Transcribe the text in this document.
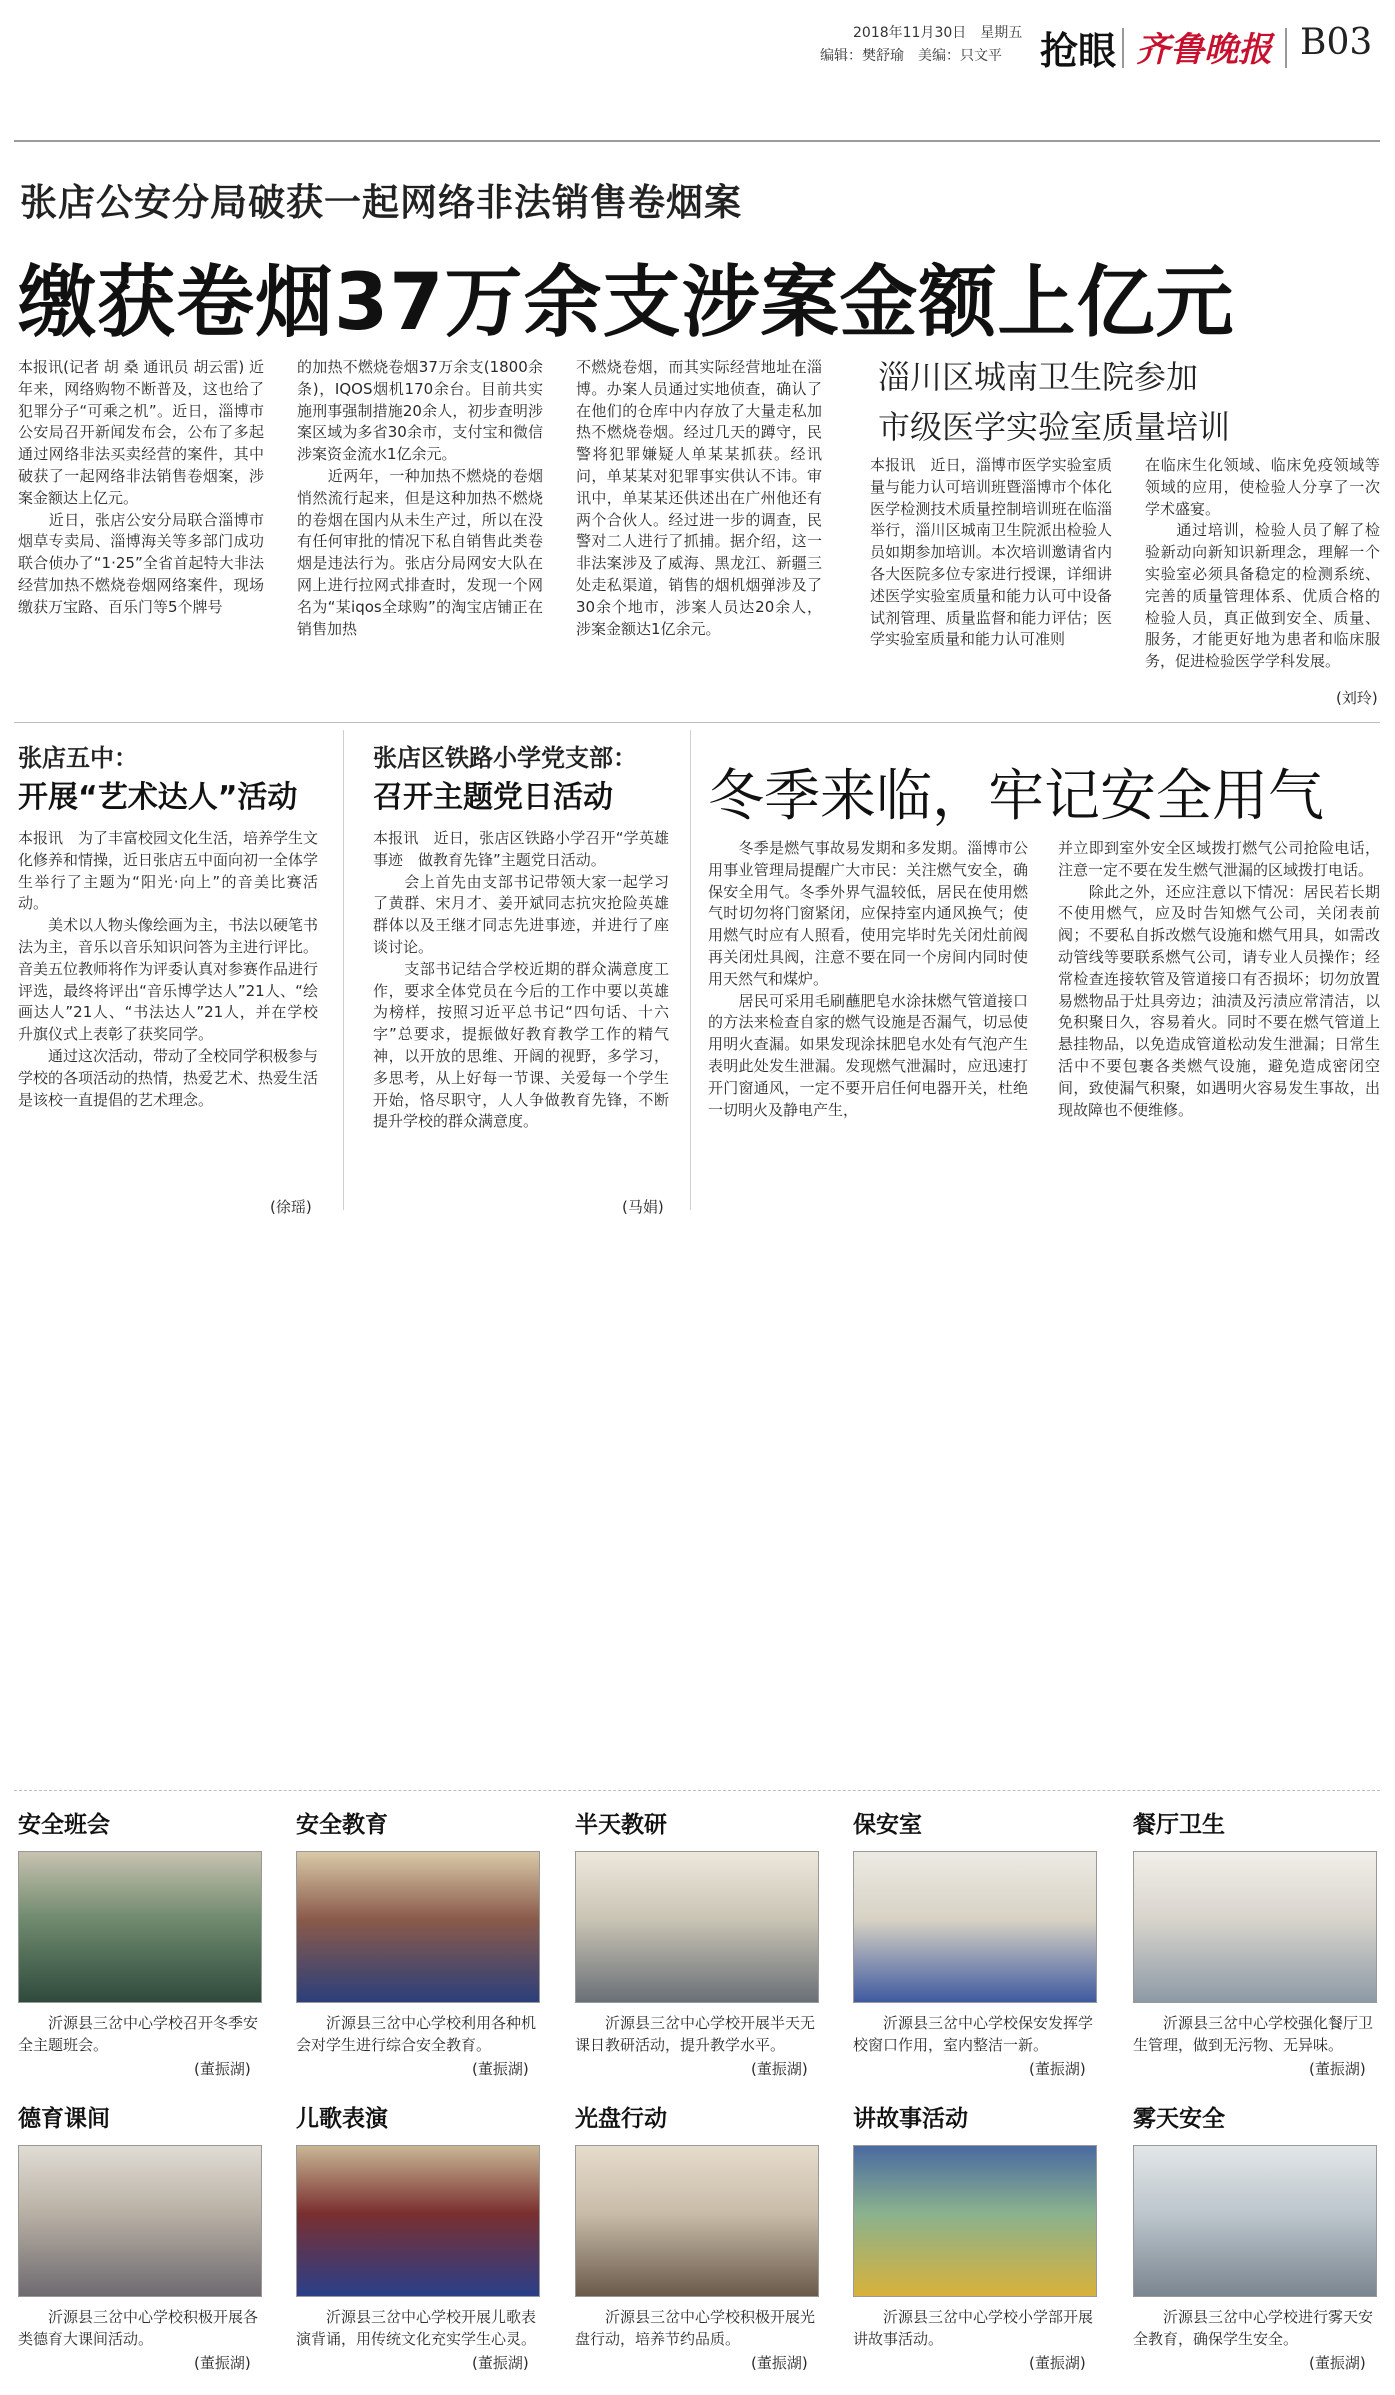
2018年11月30日　星期五
编辑：樊舒瑜　美编：只文平 抢眼 齐鲁晚报 B03
张店公安分局破获一起网络非法销售卷烟案
缴获卷烟37万余支涉案金额上亿元
本报讯(记者 胡 桑 通讯员 胡云雷) 近年来，网络购物不断普及，这也给了犯罪分子“可乘之机”。近日，淄博市公安局召开新闻发布会，公布了多起通过网络非法买卖经营的案件，其中破获了一起网络非法销售卷烟案，涉案金额达上亿元。
　　近日，张店公安分局联合淄博市烟草专卖局、淄博海关等多部门成功联合侦办了“1·25”全省首起特大非法经营加热不燃烧卷烟网络案件，现场缴获万宝路、百乐门等5个牌号
的加热不燃烧卷烟37万余支(1800余条)，IQOS烟机170余台。目前共实施刑事强制措施20余人，初步查明涉案区域为多省30余市，支付宝和微信涉案资金流水1亿余元。
　　近两年，一种加热不燃烧的卷烟悄然流行起来，但是这种加热不燃烧的卷烟在国内从未生产过，所以在没有任何审批的情况下私自销售此类卷烟是违法行为。张店分局网安大队在网上进行拉网式排查时，发现一个网名为“某iqos全球购”的淘宝店铺正在销售加热
不燃烧卷烟，而其实际经营地址在淄博。办案人员通过实地侦查，确认了在他们的仓库中内存放了大量走私加热不燃烧卷烟。经过几天的蹲守，民警将犯罪嫌疑人单某某抓获。经讯问，单某某对犯罪事实供认不讳。审讯中，单某某还供述出在广州他还有两个合伙人。经过进一步的调查，民警对二人进行了抓捕。据介绍，这一非法案涉及了威海、黑龙江、新疆三处走私渠道，销售的烟机烟弹涉及了30余个地市，涉案人员达20余人，涉案金额达1亿余元。
淄川区城南卫生院参加
市级医学实验室质量培训
本报讯　近日，淄博市医学实验室质量与能力认可培训班暨淄博市个体化医学检测技术质量控制培训班在临淄举行，淄川区城南卫生院派出检验人员如期参加培训。本次培训邀请省内各大医院多位专家进行授课，详细讲述医学实验室质量和能力认可中设备试剂管理、质量监督和能力评估；医学实验室质量和能力认可准则
在临床生化领域、临床免疫领域等领域的应用，使检验人分享了一次学术盛宴。
　　通过培训，检验人员了解了检验新动向新知识新理念，理解一个实验室必须具备稳定的检测系统、完善的质量管理体系、优质合格的检验人员，真正做到安全、质量、服务，才能更好地为患者和临床服务，促进检验医学学科发展。
(刘玲)
张店五中：
开展“艺术达人”活动
本报讯　为了丰富校园文化生活，培养学生文化修养和情操，近日张店五中面向初一全体学生举行了主题为“阳光·向上”的音美比赛活动。
　　美术以人物头像绘画为主，书法以硬笔书法为主，音乐以音乐知识问答为主进行评比。音美五位教师将作为评委认真对参赛作品进行评选，最终将评出“音乐博学达人”21人、“绘画达人”21人、“书法达人”21人，并在学校升旗仪式上表彰了获奖同学。
　　通过这次活动，带动了全校同学积极参与学校的各项活动的热情，热爱艺术、热爱生活是该校一直提倡的艺术理念。
(徐瑶)
张店区铁路小学党支部：
召开主题党日活动
本报讯　近日，张店区铁路小学召开“学英雄事迹　做教育先锋”主题党日活动。
　　会上首先由支部书记带领大家一起学习了黄群、宋月才、姜开斌同志抗灾抢险英雄群体以及王继才同志先进事迹，并进行了座谈讨论。
　　支部书记结合学校近期的群众满意度工作，要求全体党员在今后的工作中要以英雄为榜样，按照习近平总书记“四句话、十六字”总要求，提振做好教育教学工作的精气神，以开放的思维、开阔的视野，多学习，多思考，从上好每一节课、关爱每一个学生开始，恪尽职守，人人争做教育先锋，不断提升学校的群众满意度。
(马娟)
冬季来临，牢记安全用气
　　冬季是燃气事故易发期和多发期。淄博市公用事业管理局提醒广大市民：关注燃气安全，确保安全用气。冬季外界气温较低，居民在使用燃气时切勿将门窗紧闭，应保持室内通风换气；使用燃气时应有人照看，使用完毕时先关闭灶前阀再关闭灶具阀，注意不要在同一个房间内同时使用天然气和煤炉。
　　居民可采用毛刷蘸肥皂水涂抹燃气管道接口的方法来检查自家的燃气设施是否漏气，切忌使用明火查漏。如果发现涂抹肥皂水处有气泡产生表明此处发生泄漏。发现燃气泄漏时，应迅速打开门窗通风，一定不要开启任何电器开关，杜绝一切明火及静电产生，
并立即到室外安全区域拨打燃气公司抢险电话，注意一定不要在发生燃气泄漏的区域拨打电话。
　　除此之外，还应注意以下情况：居民若长期不使用燃气，应及时告知燃气公司，关闭表前阀；不要私自拆改燃气设施和燃气用具，如需改动管线等要联系燃气公司，请专业人员操作；经常检查连接软管及管道接口有否损坏；切勿放置易燃物品于灶具旁边；油渍及污渍应常清洁，以免积聚日久，容易着火。同时不要在燃气管道上悬挂物品，以免造成管道松动发生泄漏；日常生活中不要包裹各类燃气设施，避免造成密闭空间，致使漏气积聚，如遇明火容易发生事故，出现故障也不便维修。
安全班会
沂源县三岔中心学校召开冬季安全主题班会。
(董振湖)
安全教育
沂源县三岔中心学校利用各种机会对学生进行综合安全教育。
(董振湖)
半天教研
沂源县三岔中心学校开展半天无课日教研活动，提升教学水平。
(董振湖)
保安室
沂源县三岔中心学校保安发挥学校窗口作用，室内整洁一新。
(董振湖)
餐厅卫生
沂源县三岔中心学校强化餐厅卫生管理，做到无污物、无异味。
(董振湖)
德育课间
沂源县三岔中心学校积极开展各类德育大课间活动。
(董振湖)
儿歌表演
沂源县三岔中心学校开展儿歌表演背诵，用传统文化充实学生心灵。
(董振湖)
光盘行动
沂源县三岔中心学校积极开展光盘行动，培养节约品质。
(董振湖)
讲故事活动
沂源县三岔中心学校小学部开展讲故事活动。
(董振湖)
雾天安全
沂源县三岔中心学校进行雾天安全教育，确保学生安全。
(董振湖)
